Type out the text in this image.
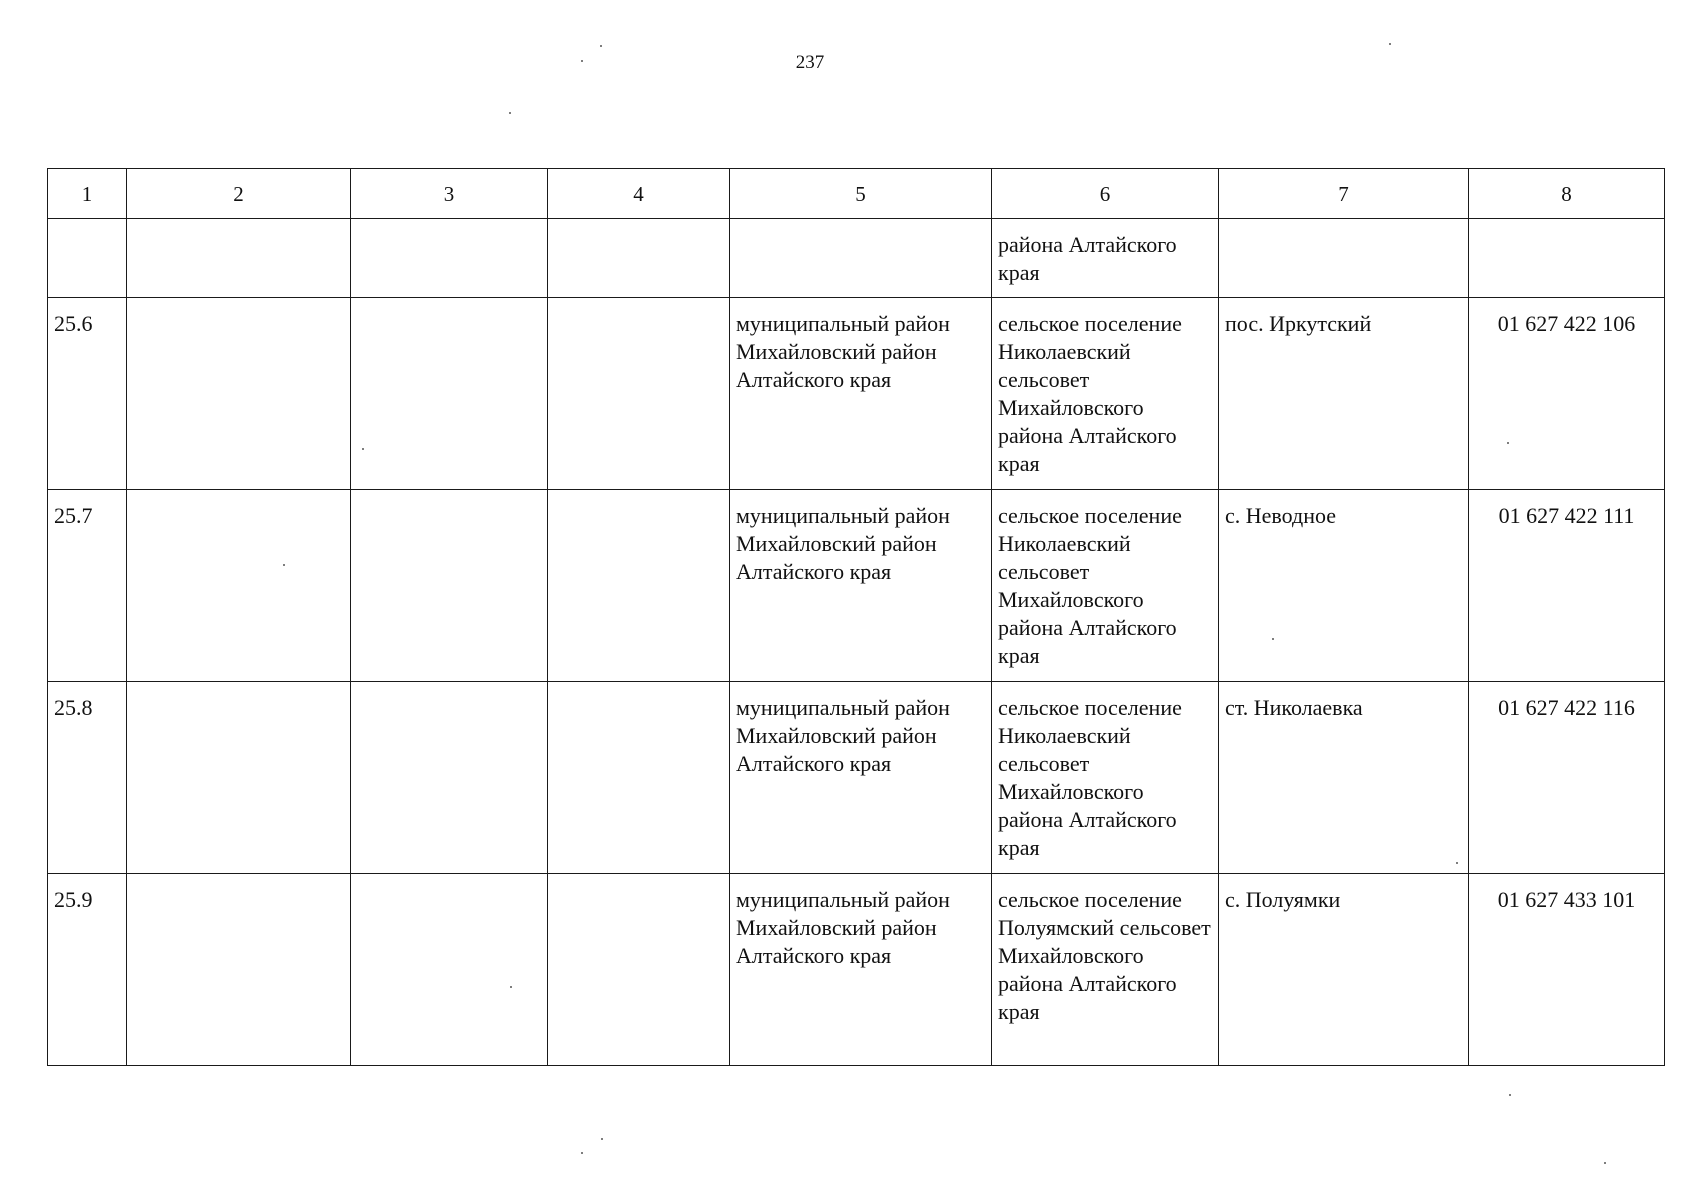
237
1	2	3	4	5	6	7	8
					района Алтайского края		
25.6				муниципальный район Михайловский район Алтайского края	сельское поселение Николаевский сельсовет Михайловского района Алтайского края	пос. Иркутский	01 627 422 106
25.7				муниципальный район Михайловский район Алтайского края	сельское поселение Николаевский сельсовет Михайловского района Алтайского края	с. Неводное	01 627 422 111
25.8				муниципальный район Михайловский район Алтайского края	сельское поселение Николаевский сельсовет Михайловского района Алтайского края	ст. Николаевка	01 627 422 116
25.9				муниципальный район Михайловский район Алтайского края	сельское поселение Полуямский сельсовет Михайловского района Алтайского края	с. Полуямки	01 627 433 101
